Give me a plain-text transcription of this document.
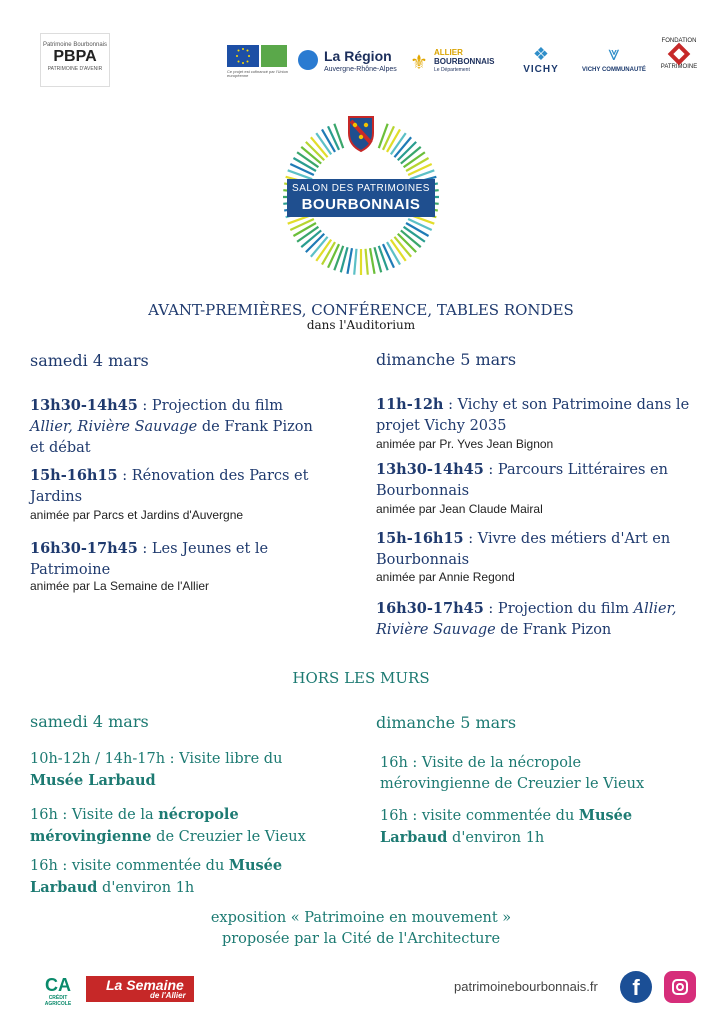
Patrimoine Bourbonnais
PBPA
PATRIMOINE D'AVENIR	Ce projet est cofinancé par l'Union européenne
La Région
Auvergne-Rhône-Alpes ⚜ ALLIER
BOURBONNAIS
Le Département
❖
VICHY
⩔
VICHY COMMUNAUTÉ
FONDATION
PATRIMOINE
SALON DES PATRIMOINES
BOURBONNAIS
AVANT-PREMIÈRES, CONFÉRENCE, TABLES RONDES
dans l'Auditorium
samedi 4 mars
13h30-14h45 : Projection du film
Allier, Rivière Sauvage de Frank Pizon et débat
15h-16h15 : Rénovation des Parcs et Jardins
animée par Parcs et Jardins d'Auvergne
16h30-17h45 : Les Jeunes et le Patrimoine
animée par La Semaine de l'Allier
dimanche 5 mars
11h-12h : Vichy et son Patrimoine dans le projet Vichy 2035
animée par Pr. Yves Jean Bignon
13h30-14h45 : Parcours Littéraires en Bourbonnais
animée par Jean Claude Mairal
15h-16h15 : Vivre des métiers d'Art en Bourbonnais
animée par Annie Regond
16h30-17h45 : Projection du film Allier,
Rivière Sauvage de Frank Pizon
HORS LES MURS
samedi 4 mars
10h-12h / 14h-17h : Visite libre du
Musée Larbaud
16h : Visite de la nécropole
mérovingienne de Creuzier le Vieux
16h : visite commentée du Musée
Larbaud d'environ 1h
dimanche 5 mars
16h : Visite de la nécropole
mérovingienne de Creuzier le Vieux
16h : visite commentée du Musée
Larbaud d'environ 1h
exposition « Patrimoine en mouvement »
proposée par la Cité de l'Architecture
CA
CRÉDIT AGRICOLE
La Semaine
de l'Allier
patrimoinebourbonnais.fr	f
